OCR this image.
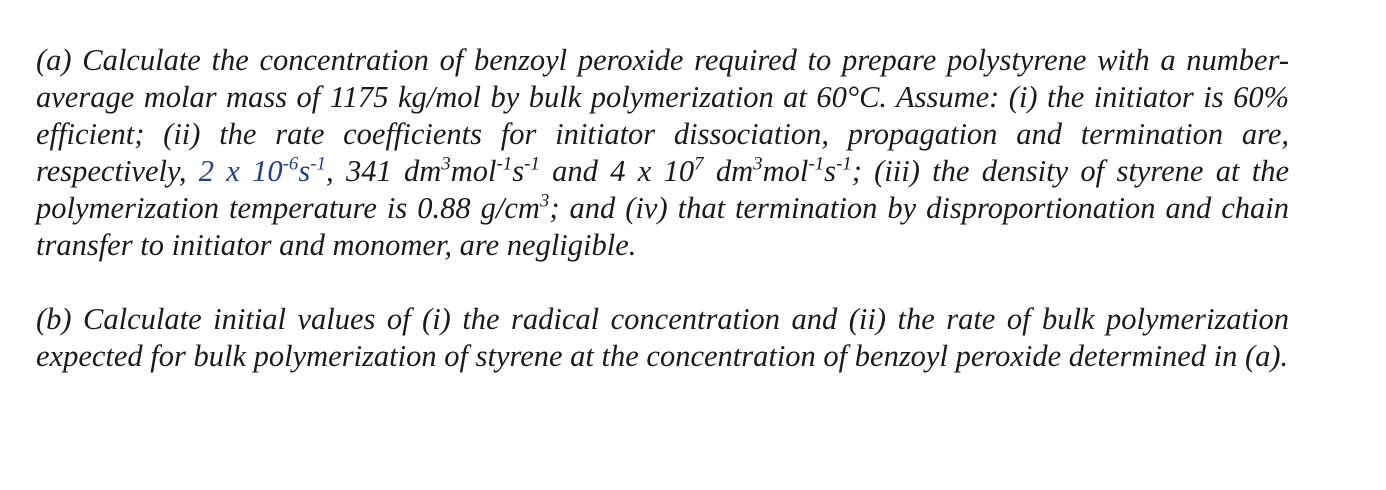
(a) Calculate the concentration of benzoyl peroxide required to prepare polystyrene with a number-average molar mass of 1175 kg/mol by bulk polymerization at 60°C. Assume: (i) the initiator is 60% efficient; (ii) the rate coefficients for initiator dissociation, propagation and termination are, respectively, 2 x $10^{-6}s^{-1}$, 341 $dm^3mol^{-1}s^{-1}$ and 4 x $10^7$ $dm^3mol^{-1}s^{-1}$; (iii) the density of styrene at the polymerization temperature is 0.88 $g/cm^3$; and (iv) that termination by disproportionation and chain transfer to initiator and monomer, are negligible.

(b) Calculate initial values of (i) the radical concentration and (ii) the rate of bulk polymerization expected for bulk polymerization of styrene at the concentration of benzoyl peroxide determined in (a).
